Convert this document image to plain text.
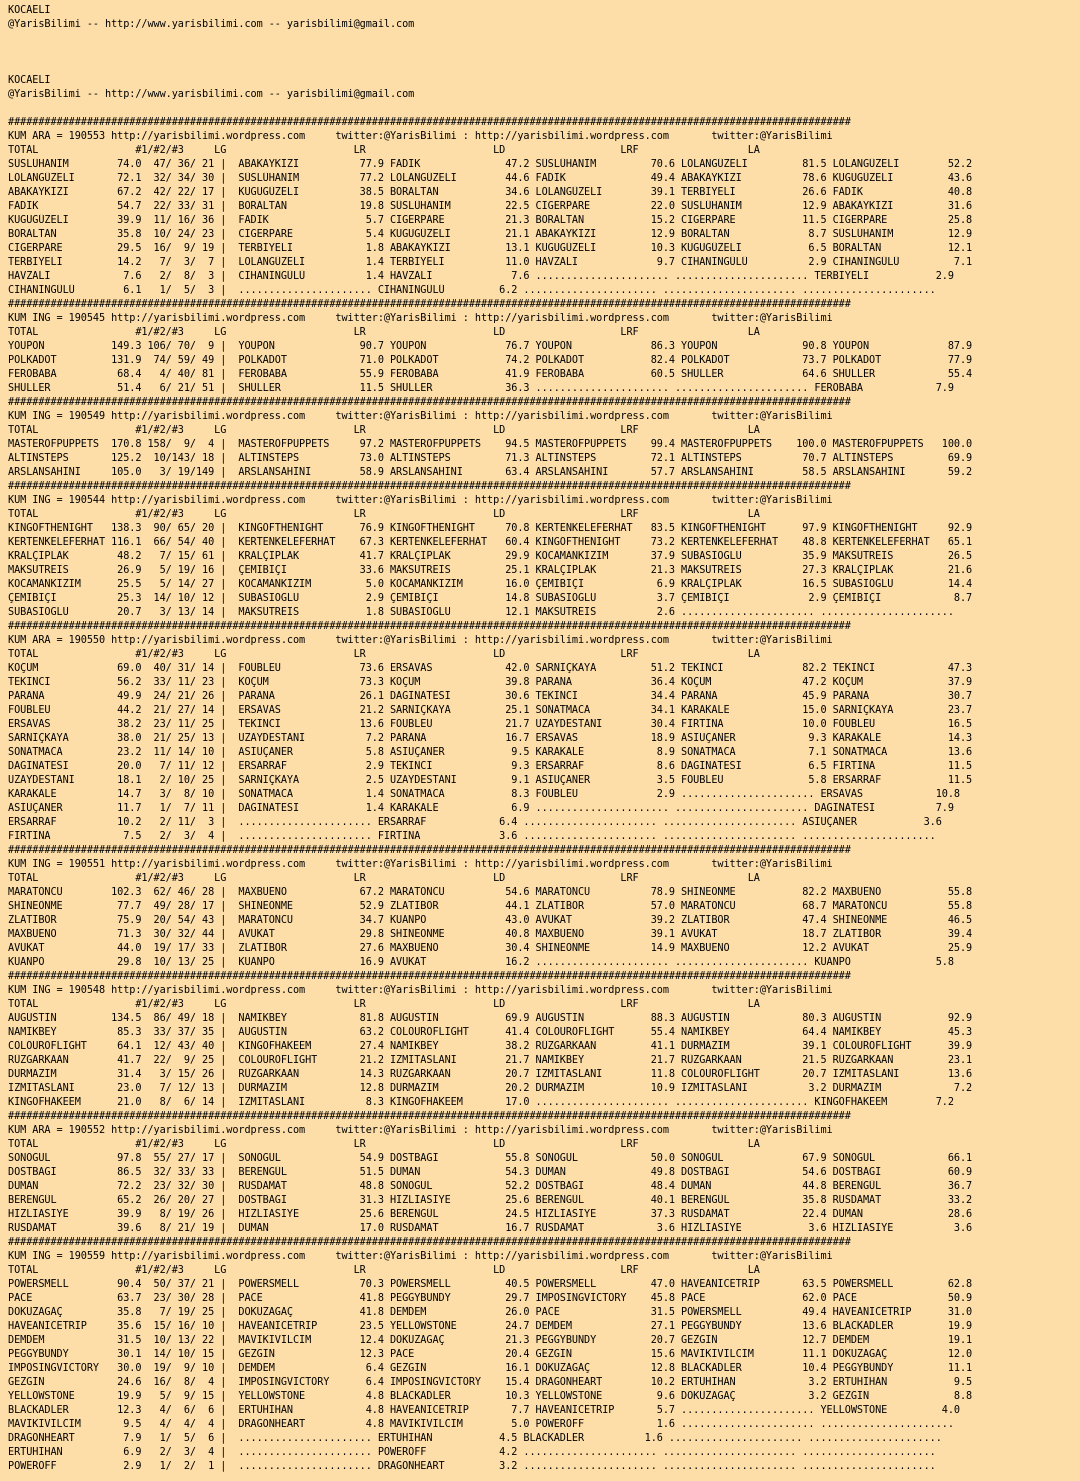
KOCAELI
@YarisBilimi -- http://www.yarisbilimi.com -- yarisbilimi@gmail.com
KOCAELI
@YarisBilimi -- http://www.yarisbilimi.com -- yarisbilimi@gmail.com
###########################################################################################################################################
KUM ARA = 190553 http://yarisbilimi.wordpress.com     twitter:@YarisBilimi : http://yarisbilimi.wordpress.com       twitter:@YarisBilimi
TOTAL                #1/#2/#3     LG                     LR                     LD                   LRF                  LA
SÜSLÜHANIM        74.0  47/ 36/ 21 |  ABAKAYKIZI          77.9 FADIK              47.2 SÜSLÜHANIM         70.6 LOLANGÜZELI         81.5 LOLANGÜZELI        52.2
LOLANGÜZELI       72.1  32/ 34/ 30 |  SÜSLÜHANIM          77.2 LOLANGÜZELI        44.6 FADIK              49.4 ABAKAYKIZI          78.6 KUGUGÜZELI         43.6
ABAKAYKIZI        67.2  42/ 22/ 17 |  KUGUGÜZELI          38.5 BORALTAN           34.6 LOLANGÜZELI        39.1 TERBIYELI           26.6 FADIK              40.8
FADIK             54.7  22/ 33/ 31 |  BORALTAN            19.8 SÜSLÜHANIM         22.5 CIGERPARE          22.0 SÜSLÜHANIM          12.9 ABAKAYKIZI         31.6
KUGUGÜZELI        39.9  11/ 16/ 36 |  FADIK                5.7 CIGERPARE          21.3 BORALTAN           15.2 CIGERPARE           11.5 CIGERPARE          25.8
BORALTAN          35.8  10/ 24/ 23 |  CIGERPARE            5.4 KUGUGÜZELI         21.1 ABAKAYKIZI         12.9 BORALTAN             8.7 SÜSLÜHANIM         12.9
CIGERPARE         29.5  16/  9/ 19 |  TERBIYELI            1.8 ABAKAYKIZI         13.1 KUGUGÜZELI         10.3 KUGUGÜZELI           6.5 BORALTAN           12.1
TERBIYELI         14.2   7/  3/  7 |  LOLANGÜZELI          1.4 TERBIYELI          11.0 HAVZALI             9.7 CIHANINGÜLÜ          2.9 CIHANINGÜLÜ         7.1
HAVZALI            7.6   2/  8/  3 |  CIHANINGÜLÜ          1.4 HAVZALI             7.6 ...................... ...................... TERBIYELI           2.9
CIHANINGÜLÜ        6.1   1/  5/  3 |  ...................... CIHANINGÜLÜ         6.2 ...................... ...................... ......................
###########################################################################################################################################
KUM ING = 190545 http://yarisbilimi.wordpress.com     twitter:@YarisBilimi : http://yarisbilimi.wordpress.com       twitter:@YarisBilimi
TOTAL                #1/#2/#3     LG                     LR                     LD                   LRF                  LA
YOUPON           149.3 106/ 70/  9 |  YOUPON              90.7 YOUPON             76.7 YOUPON             86.3 YOUPON              90.8 YOUPON             87.9
POLKADOT         131.9  74/ 59/ 49 |  POLKADOT            71.0 POLKADOT           74.2 POLKADOT           82.4 POLKADOT            73.7 POLKADOT           77.9
FEROBABA          68.4   4/ 40/ 81 |  FEROBABA            55.9 FEROBABA           41.9 FEROBABA           60.5 SHULLER             64.6 SHULLER            55.4
SHULLER           51.4   6/ 21/ 51 |  SHULLER             11.5 SHULLER            36.3 ...................... ...................... FEROBABA            7.9
###########################################################################################################################################
KUM ING = 190549 http://yarisbilimi.wordpress.com     twitter:@YarisBilimi : http://yarisbilimi.wordpress.com       twitter:@YarisBilimi
TOTAL                #1/#2/#3     LG                     LR                     LD                   LRF                  LA
MASTEROFPUPPETS  170.8 158/  9/  4 |  MASTEROFPUPPETS     97.2 MASTEROFPUPPETS    94.5 MASTEROFPUPPETS    99.4 MASTEROFPUPPETS    100.0 MASTEROFPUPPETS   100.0
ALTINSTEPS       125.2  10/143/ 18 |  ALTINSTEPS          73.0 ALTINSTEPS         71.3 ALTINSTEPS         72.1 ALTINSTEPS          70.7 ALTINSTEPS         69.9
ARSLANSAHINI     105.0   3/ 19/149 |  ARSLANSAHINI        58.9 ARSLANSAHINI       63.4 ARSLANSAHINI       57.7 ARSLANSAHINI        58.5 ARSLANSAHINI       59.2
###########################################################################################################################################
KUM ING = 190544 http://yarisbilimi.wordpress.com     twitter:@YarisBilimi : http://yarisbilimi.wordpress.com       twitter:@YarisBilimi
TOTAL                #1/#2/#3     LG                     LR                     LD                   LRF                  LA
KINGOFTHENIGHT   138.3  90/ 65/ 20 |  KINGOFTHENIGHT      76.9 KINGOFTHENIGHT     70.8 KERTENKELEFERHAT   83.5 KINGOFTHENIGHT      97.9 KINGOFTHENIGHT     92.9
KERTENKELEFERHAT 116.1  66/ 54/ 40 |  KERTENKELEFERHAT    67.3 KERTENKELEFERHAT   60.4 KINGOFTHENIGHT     73.2 KERTENKELEFERHAT    48.8 KERTENKELEFERHAT   65.1
KRALÇIPLAK        48.2   7/ 15/ 61 |  KRALÇIPLAK          41.7 KRALÇIPLAK         29.9 KOCAMANKIZIM       37.9 SUBASIOGLU          35.9 MAKSUTREIS         26.5
MAKSUTREIS        26.9   5/ 19/ 16 |  ÇEMIBIÇI            33.6 MAKSUTREIS         25.1 KRALÇIPLAK         21.3 MAKSUTREIS          27.3 KRALÇIPLAK         21.6
KOCAMANKIZIM      25.5   5/ 14/ 27 |  KOCAMANKIZIM         5.0 KOCAMANKIZIM       16.0 ÇEMIBIÇI            6.9 KRALÇIPLAK          16.5 SUBASIOGLU         14.4
ÇEMIBIÇI          25.3  14/ 10/ 12 |  SUBASIOGLU           2.9 ÇEMIBIÇI           14.8 SUBASIOGLU          3.7 ÇEMIBIÇI             2.9 ÇEMIBIÇI            8.7
SUBASIOGLU        20.7   3/ 13/ 14 |  MAKSUTREIS           1.8 SUBASIOGLU         12.1 MAKSUTREIS          2.6 ...................... ......................
###########################################################################################################################################
KUM ARA = 190550 http://yarisbilimi.wordpress.com     twitter:@YarisBilimi : http://yarisbilimi.wordpress.com       twitter:@YarisBilimi
TOTAL                #1/#2/#3     LG                     LR                     LD                   LRF                  LA
KOÇUM             69.0  40/ 31/ 14 |  FOUBLEU             73.6 ERSAVAS            42.0 SARNIÇKAYA         51.2 TEKINCI             82.2 TEKINCI            47.3
TEKINCI           56.2  33/ 11/ 23 |  KOÇUM               73.3 KOÇUM              39.8 PARANA             36.4 KOÇUM               47.2 KOÇUM              37.9
PARANA            49.9  24/ 21/ 26 |  PARANA              26.1 DAGINATESI         30.6 TEKINCI            34.4 PARANA              45.9 PARANA             30.7
FOUBLEU           44.2  21/ 27/ 14 |  ERSAVAS             21.2 SARNIÇKAYA         25.1 SONATMACA          34.1 KARAKALE            15.0 SARNIÇKAYA         23.7
ERSAVAS           38.2  23/ 11/ 25 |  TEKINCI             13.6 FOUBLEU            21.7 UZAYDESTANI        30.4 FIRTINA             10.0 FOUBLEU            16.5
SARNIÇKAYA        38.0  21/ 25/ 13 |  UZAYDESTANI          7.2 PARANA             16.7 ERSAVAS            18.9 ASIUÇANER            9.3 KARAKALE           14.3
SONATMACA         23.2  11/ 14/ 10 |  ASIUÇANER            5.8 ASIUÇANER           9.5 KARAKALE            8.9 SONATMACA            7.1 SONATMACA          13.6
DAGINATESI        20.0   7/ 11/ 12 |  ERSARRAF             2.9 TEKINCI             9.3 ERSARRAF            8.6 DAGINATESI           6.5 FIRTINA            11.5
UZAYDESTANI       18.1   2/ 10/ 25 |  SARNIÇKAYA           2.5 UZAYDESTANI         9.1 ASIUÇANER           3.5 FOUBLEU              5.8 ERSARRAF           11.5
KARAKALE          14.7   3/  8/ 10 |  SONATMACA            1.4 SONATMACA           8.3 FOUBLEU             2.9 ...................... ERSAVAS            10.8
ASIUÇANER         11.7   1/  7/ 11 |  DAGINATESI           1.4 KARAKALE            6.9 ...................... ...................... DAGINATESI          7.9
ERSARRAF          10.2   2/ 11/  3 |  ...................... ERSARRAF            6.4 ...................... ...................... ASIUÇANER           3.6
FIRTINA            7.5   2/  3/  4 |  ...................... FIRTINA             3.6 ...................... ...................... ......................
###########################################################################################################################################
KUM ING = 190551 http://yarisbilimi.wordpress.com     twitter:@YarisBilimi : http://yarisbilimi.wordpress.com       twitter:@YarisBilimi
TOTAL                #1/#2/#3     LG                     LR                     LD                   LRF                  LA
MARATONCU        102.3  62/ 46/ 28 |  MAXBUENO            67.2 MARATONCU          54.6 MARATONCU          78.9 SHINEONME           82.2 MAXBUENO           55.8
SHINEONME         77.7  49/ 28/ 17 |  SHINEONME           52.9 ZLATIBOR           44.1 ZLATIBOR           57.0 MARATONCU           68.7 MARATONCU          55.8
ZLATIBOR          75.9  20/ 54/ 43 |  MARATONCU           34.7 KUANPO             43.0 AVUKAT             39.2 ZLATIBOR            47.4 SHINEONME          46.5
MAXBUENO          71.3  30/ 32/ 44 |  AVUKAT              29.8 SHINEONME          40.8 MAXBUENO           39.1 AVUKAT              18.7 ZLATIBOR           39.4
AVUKAT            44.0  19/ 17/ 33 |  ZLATIBOR            27.6 MAXBUENO           30.4 SHINEONME          14.9 MAXBUENO            12.2 AVUKAT             25.9
KUANPO            29.8  10/ 13/ 25 |  KUANPO              16.9 AVUKAT             16.2 ...................... ...................... KUANPO              5.8
###########################################################################################################################################
KUM ING = 190548 http://yarisbilimi.wordpress.com     twitter:@YarisBilimi : http://yarisbilimi.wordpress.com       twitter:@YarisBilimi
TOTAL                #1/#2/#3     LG                     LR                     LD                   LRF                  LA
AUGUSTIN         134.5  86/ 49/ 18 |  NAMIKBEY            81.8 AUGUSTIN           69.9 AUGUSTIN           88.3 AUGUSTIN            80.3 AUGUSTIN           92.9
NAMIKBEY          85.3  33/ 37/ 35 |  AUGUSTIN            63.2 COLOUROFLIGHT      41.4 COLOUROFLIGHT      55.4 NAMIKBEY            64.4 NAMIKBEY           45.3
COLOUROFLIGHT     64.1  12/ 43/ 40 |  KINGOFHAKEEM        27.4 NAMIKBEY           38.2 RÜZGARKAAN         41.1 DURMAZIM            39.1 COLOUROFLIGHT      39.9
RÜZGARKAAN        41.7  22/  9/ 25 |  COLOUROFLIGHT       21.2 IZMITASLANI        21.7 NAMIKBEY           21.7 RÜZGARKAAN          21.5 RÜZGARKAAN         23.1
DURMAZIM          31.4   3/ 15/ 26 |  RÜZGARKAAN          14.3 RÜZGARKAAN         20.7 IZMITASLANI        11.8 COLOUROFLIGHT       20.7 IZMITASLANI        13.6
IZMITASLANI       23.0   7/ 12/ 13 |  DURMAZIM            12.8 DURMAZIM           20.2 DURMAZIM           10.9 IZMITASLANI          3.2 DURMAZIM            7.2
KINGOFHAKEEM      21.0   8/  6/ 14 |  IZMITASLANI          8.3 KINGOFHAKEEM       17.0 ...................... ...................... KINGOFHAKEEM        7.2
###########################################################################################################################################
KUM ARA = 190552 http://yarisbilimi.wordpress.com     twitter:@YarisBilimi : http://yarisbilimi.wordpress.com       twitter:@YarisBilimi
TOTAL                #1/#2/#3     LG                     LR                     LD                   LRF                  LA
SONOGUL           97.8  55/ 27/ 17 |  SONOGUL             54.9 DOSTBAGI           55.8 SONOGUL            50.0 SONOGUL             67.9 SONOGUL            66.1
DOSTBAGI          86.5  32/ 33/ 33 |  BERENGÜL            51.5 DUMAN              54.3 DUMAN              49.8 DOSTBAGI            54.6 DOSTBAGI           60.9
DUMAN             72.2  23/ 32/ 30 |  RUSDAMAT            48.8 SONOGUL            52.2 DOSTBAGI           48.4 DUMAN               44.8 BERENGÜL           36.7
BERENGÜL          65.2  26/ 20/ 27 |  DOSTBAGI            31.3 HIZLIASIYE         25.6 BERENGÜL           40.1 BERENGÜL            35.8 RUSDAMAT           33.2
HIZLIASIYE        39.9   8/ 19/ 26 |  HIZLIASIYE          25.6 BERENGÜL           24.5 HIZLIASIYE         37.3 RUSDAMAT            22.4 DUMAN              28.6
RUSDAMAT          39.6   8/ 21/ 19 |  DUMAN               17.0 RUSDAMAT           16.7 RUSDAMAT            3.6 HIZLIASIYE           3.6 HIZLIASIYE          3.6
###########################################################################################################################################
KUM ING = 190559 http://yarisbilimi.wordpress.com     twitter:@YarisBilimi : http://yarisbilimi.wordpress.com       twitter:@YarisBilimi
TOTAL                #1/#2/#3     LG                     LR                     LD                   LRF                  LA
POWERSMELL        90.4  50/ 37/ 21 |  POWERSMELL          70.3 POWERSMELL         40.5 POWERSMELL         47.0 HAVEANICETRIP       63.5 POWERSMELL         62.8
PACE              63.7  23/ 30/ 28 |  PACE                41.8 PEGGYBUNDY         29.7 IMPOSINGVICTORY    45.8 PACE                62.0 PACE               50.9
DOKUZAGAÇ         35.8   7/ 19/ 25 |  DOKUZAGAÇ           41.8 DEMDEM             26.0 PACE               31.5 POWERSMELL          49.4 HAVEANICETRIP      31.0
HAVEANICETRIP     35.6  15/ 16/ 10 |  HAVEANICETRIP       23.5 YELLOWSTONE        24.7 DEMDEM             27.1 PEGGYBUNDY          13.6 BLACKADLER         19.9
DEMDEM            31.5  10/ 13/ 22 |  MAVIKIVILCIM        12.4 DOKUZAGAÇ          21.3 PEGGYBUNDY         20.7 GEZGIN              12.7 DEMDEM             19.1
PEGGYBUNDY        30.1  14/ 10/ 15 |  GEZGIN              12.3 PACE               20.4 GEZGIN             15.6 MAVIKIVILCIM        11.1 DOKUZAGAÇ          12.0
IMPOSINGVICTORY   30.0  19/  9/ 10 |  DEMDEM               6.4 GEZGIN             16.1 DOKUZAGAÇ          12.8 BLACKADLER          10.4 PEGGYBUNDY         11.1
GEZGIN            24.6  16/  8/  4 |  IMPOSINGVICTORY      6.4 IMPOSINGVICTORY    15.4 DRAGONHEART        10.2 ERTUHIHAN            3.2 ERTUHIHAN           9.5
YELLOWSTONE       19.9   5/  9/ 15 |  YELLOWSTONE          4.8 BLACKADLER         10.3 YELLOWSTONE         9.6 DOKUZAGAÇ            3.2 GEZGIN              8.8
BLACKADLER        12.3   4/  6/  6 |  ERTUHIHAN            4.8 HAVEANICETRIP       7.7 HAVEANICETRIP       5.7 ...................... YELLOWSTONE         4.0
MAVIKIVILCIM       9.5   4/  4/  4 |  DRAGONHEART          4.8 MAVIKIVILCIM        5.0 POWEROFF            1.6 ...................... ......................
DRAGONHEART        7.9   1/  5/  6 |  ...................... ERTUHIHAN           4.5 BLACKADLER          1.6 ...................... ......................
ERTUHIHAN          6.9   2/  3/  4 |  ...................... POWEROFF            4.2 ...................... ...................... ......................
POWEROFF           2.9   1/  2/  1 |  ...................... DRAGONHEART         3.2 ...................... ...................... ......................
